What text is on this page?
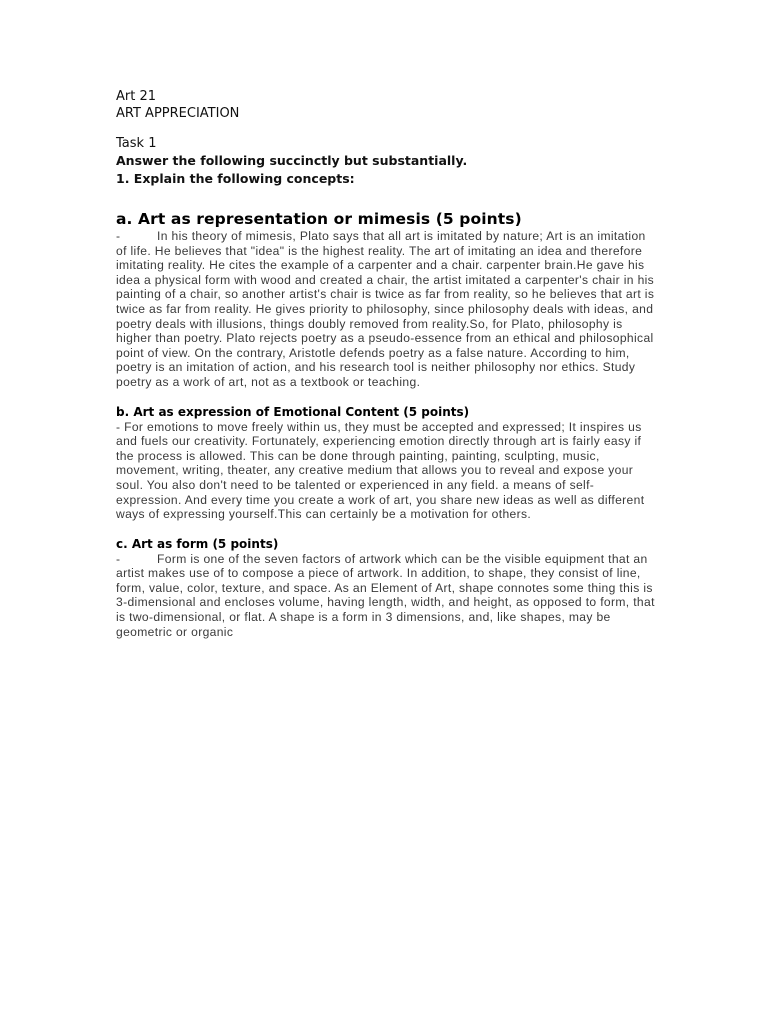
Art 21
ART APPRECIATION
Task 1
Answer the following succinctly but substantially.
1. Explain the following concepts:
a. Art as representation or mimesis (5 points)

-	In his theory of mimesis, Plato says that all art is imitated by nature; Art is an imitation of life. He believes that "idea" is the highest reality. The art of imitating an idea and therefore imitating reality. He cites the example of a carpenter and a chair. carpenter brain.He gave his idea a physical form with wood and created a chair, the artist imitated a carpenter's chair in his painting of a chair, so another artist's chair is twice as far from reality, so he believes that art is twice as far from reality. He gives priority to philosophy, since philosophy deals with ideas, and poetry deals with illusions, things doubly removed from reality.So, for Plato, philosophy is higher than poetry. Plato rejects poetry as a pseudo-essence from an ethical and philosophical point of view. On the contrary, Aristotle defends poetry as a false nature. According to him, poetry is an imitation of action, and his research tool is neither philosophy nor ethics. Study poetry as a work of art, not as a textbook or teaching.

b. Art as expression of Emotional Content (5 points)

- For emotions to move freely within us, they must be accepted and expressed; It inspires us and fuels our creativity. Fortunately, experiencing emotion directly through art is fairly easy if the process is allowed. This can be done through painting, painting, sculpting, music, movement, writing, theater, any creative medium that allows you to reveal and expose your soul. You also don't need to be talented or experienced in any field. a means of self-expression. And every time you create a work of art, you share new ideas as well as different ways of expressing yourself.This can certainly be a motivation for others.

c. Art as form (5 points)

-	Form is one of the seven factors of artwork which can be the visible equipment that an artist makes use of to compose a piece of artwork. In addition, to shape, they consist of line, form, value, color, texture, and space. As an Element of Art, shape connotes some thing this is 3-dimensional and encloses volume, having length, width, and height, as opposed to form, that is two-dimensional, or flat. A shape is a form in 3 dimensions, and, like shapes, may be geometric or organic
